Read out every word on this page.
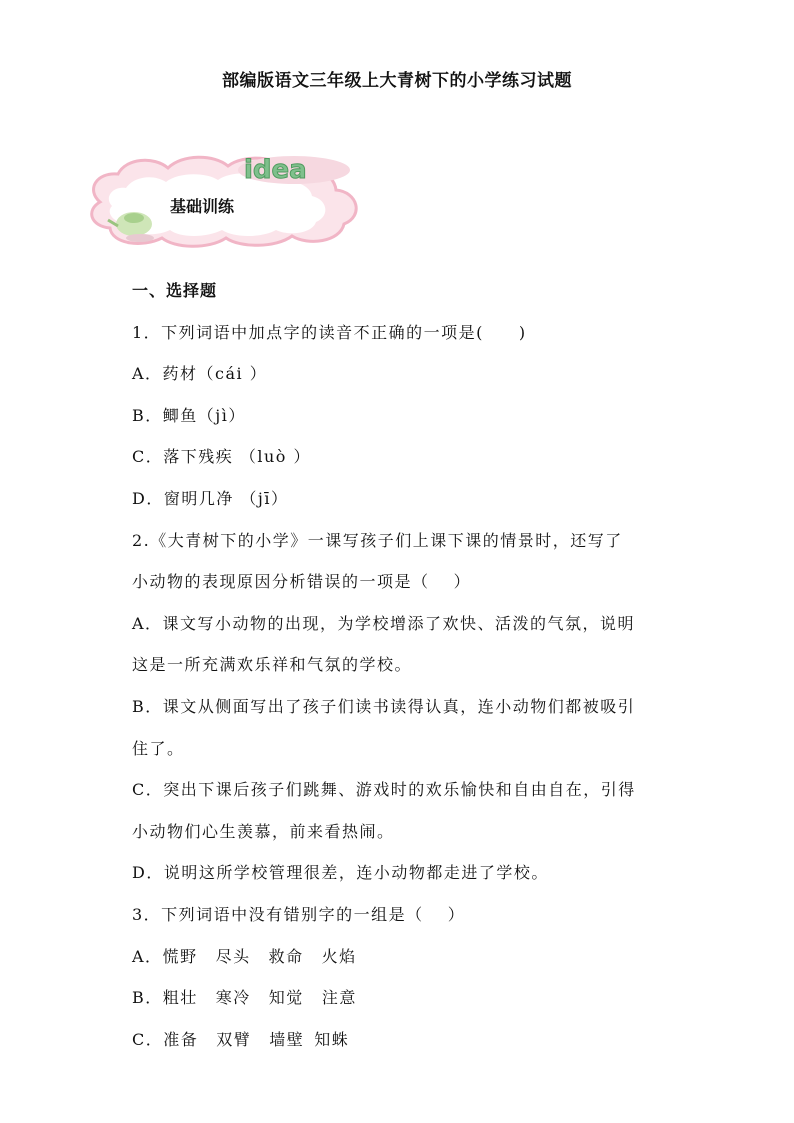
部编版语文三年级上大青树下的小学练习试题
idea
基础训练
一、选择题
1．下列词语中加点字的读音不正确的一项是(　　)
A．药材（cái ）
B．鲫鱼（jì）
C．落下残疾 （luò ）
D．窗明几净 （jī）
2.《大青树下的小学》一课写孩子们上课下课的情景时，还写了
小动物的表现原因分析错误的一项是（　 ）
A．课文写小动物的出现，为学校增添了欢快、活泼的气氛，说明
这是一所充满欢乐祥和气氛的学校。
B．课文从侧面写出了孩子们读书读得认真，连小动物们都被吸引
住了。
C．突出下课后孩子们跳舞、游戏时的欢乐愉快和自由自在，引得
小动物们心生羡慕，前来看热闹。
D．说明这所学校管理很差，连小动物都走进了学校。
3．下列词语中没有错别字的一组是（　 ）
A．慌野 尽头 救命 火焰
B．粗壮 寒冷 知觉 注意
C．准备 双臂 墙壁 知蛛
